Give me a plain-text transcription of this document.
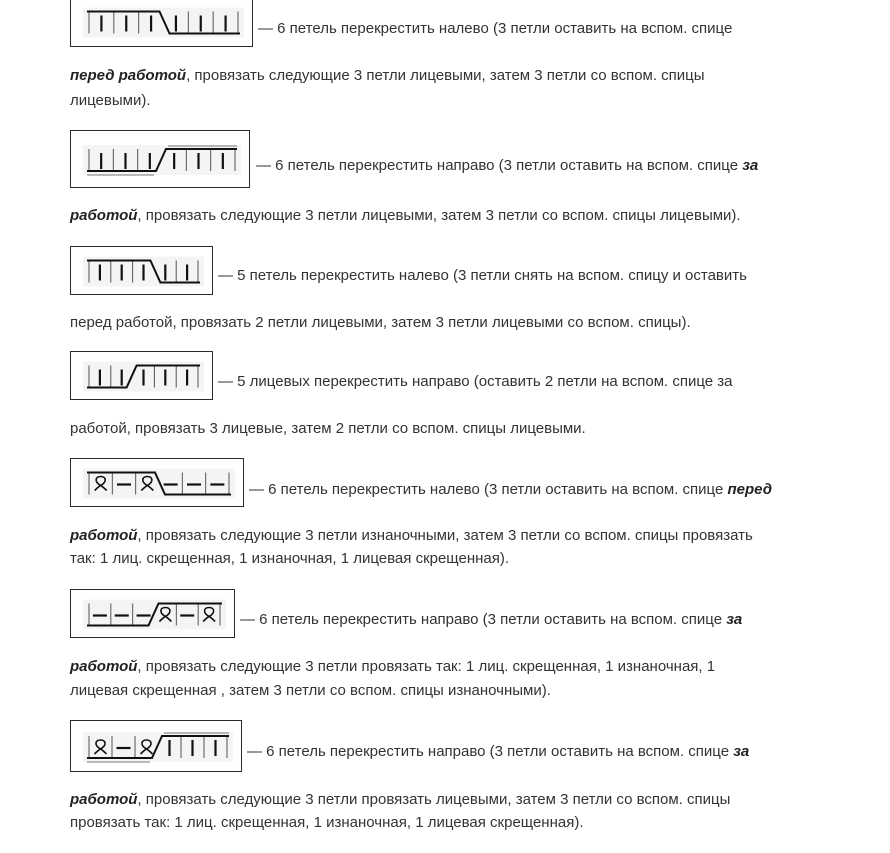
— 6 петель перекрестить налево (3 петли оставить на вспом. спице
перед работой, провязать следующие 3 петли лицевыми, затем 3 петли со вспом. спицы
лицевыми).
— 6 петель перекрестить направо (3 петли оставить на вспом. спице за
работой, провязать следующие 3 петли лицевыми, затем 3 петли со вспом. спицы лицевыми).
— 5 петель перекрестить налево (3 петли снять на вспом. спицу и оставить
перед работой, провязать 2 петли лицевыми, затем 3 петли лицевыми со вспом. спицы).
— 5 лицевых перекрестить направо (оставить 2 петли на вспом. спице за
работой, провязать 3 лицевые, затем 2 петли со вспом. спицы лицевыми.
— 6 петель перекрестить налево (3 петли оставить на вспом. спице перед
работой, провязать следующие 3 петли изнаночными, затем 3 петли со вспом. спицы провязать
так: 1 лиц. скрещенная, 1 изнаночная, 1 лицевая скрещенная).
— 6 петель перекрестить направо (3 петли оставить на вспом. спице за
работой, провязать следующие 3 петли провязать так: 1 лиц. скрещенная, 1 изнаночная, 1
лицевая скрещенная , затем 3 петли со вспом. спицы изнаночными).
— 6 петель перекрестить направо (3 петли оставить на вспом. спице за
работой, провязать следующие 3 петли провязать лицевыми, затем 3 петли со вспом. спицы
провязать так: 1 лиц. скрещенная, 1 изнаночная, 1 лицевая скрещенная).
